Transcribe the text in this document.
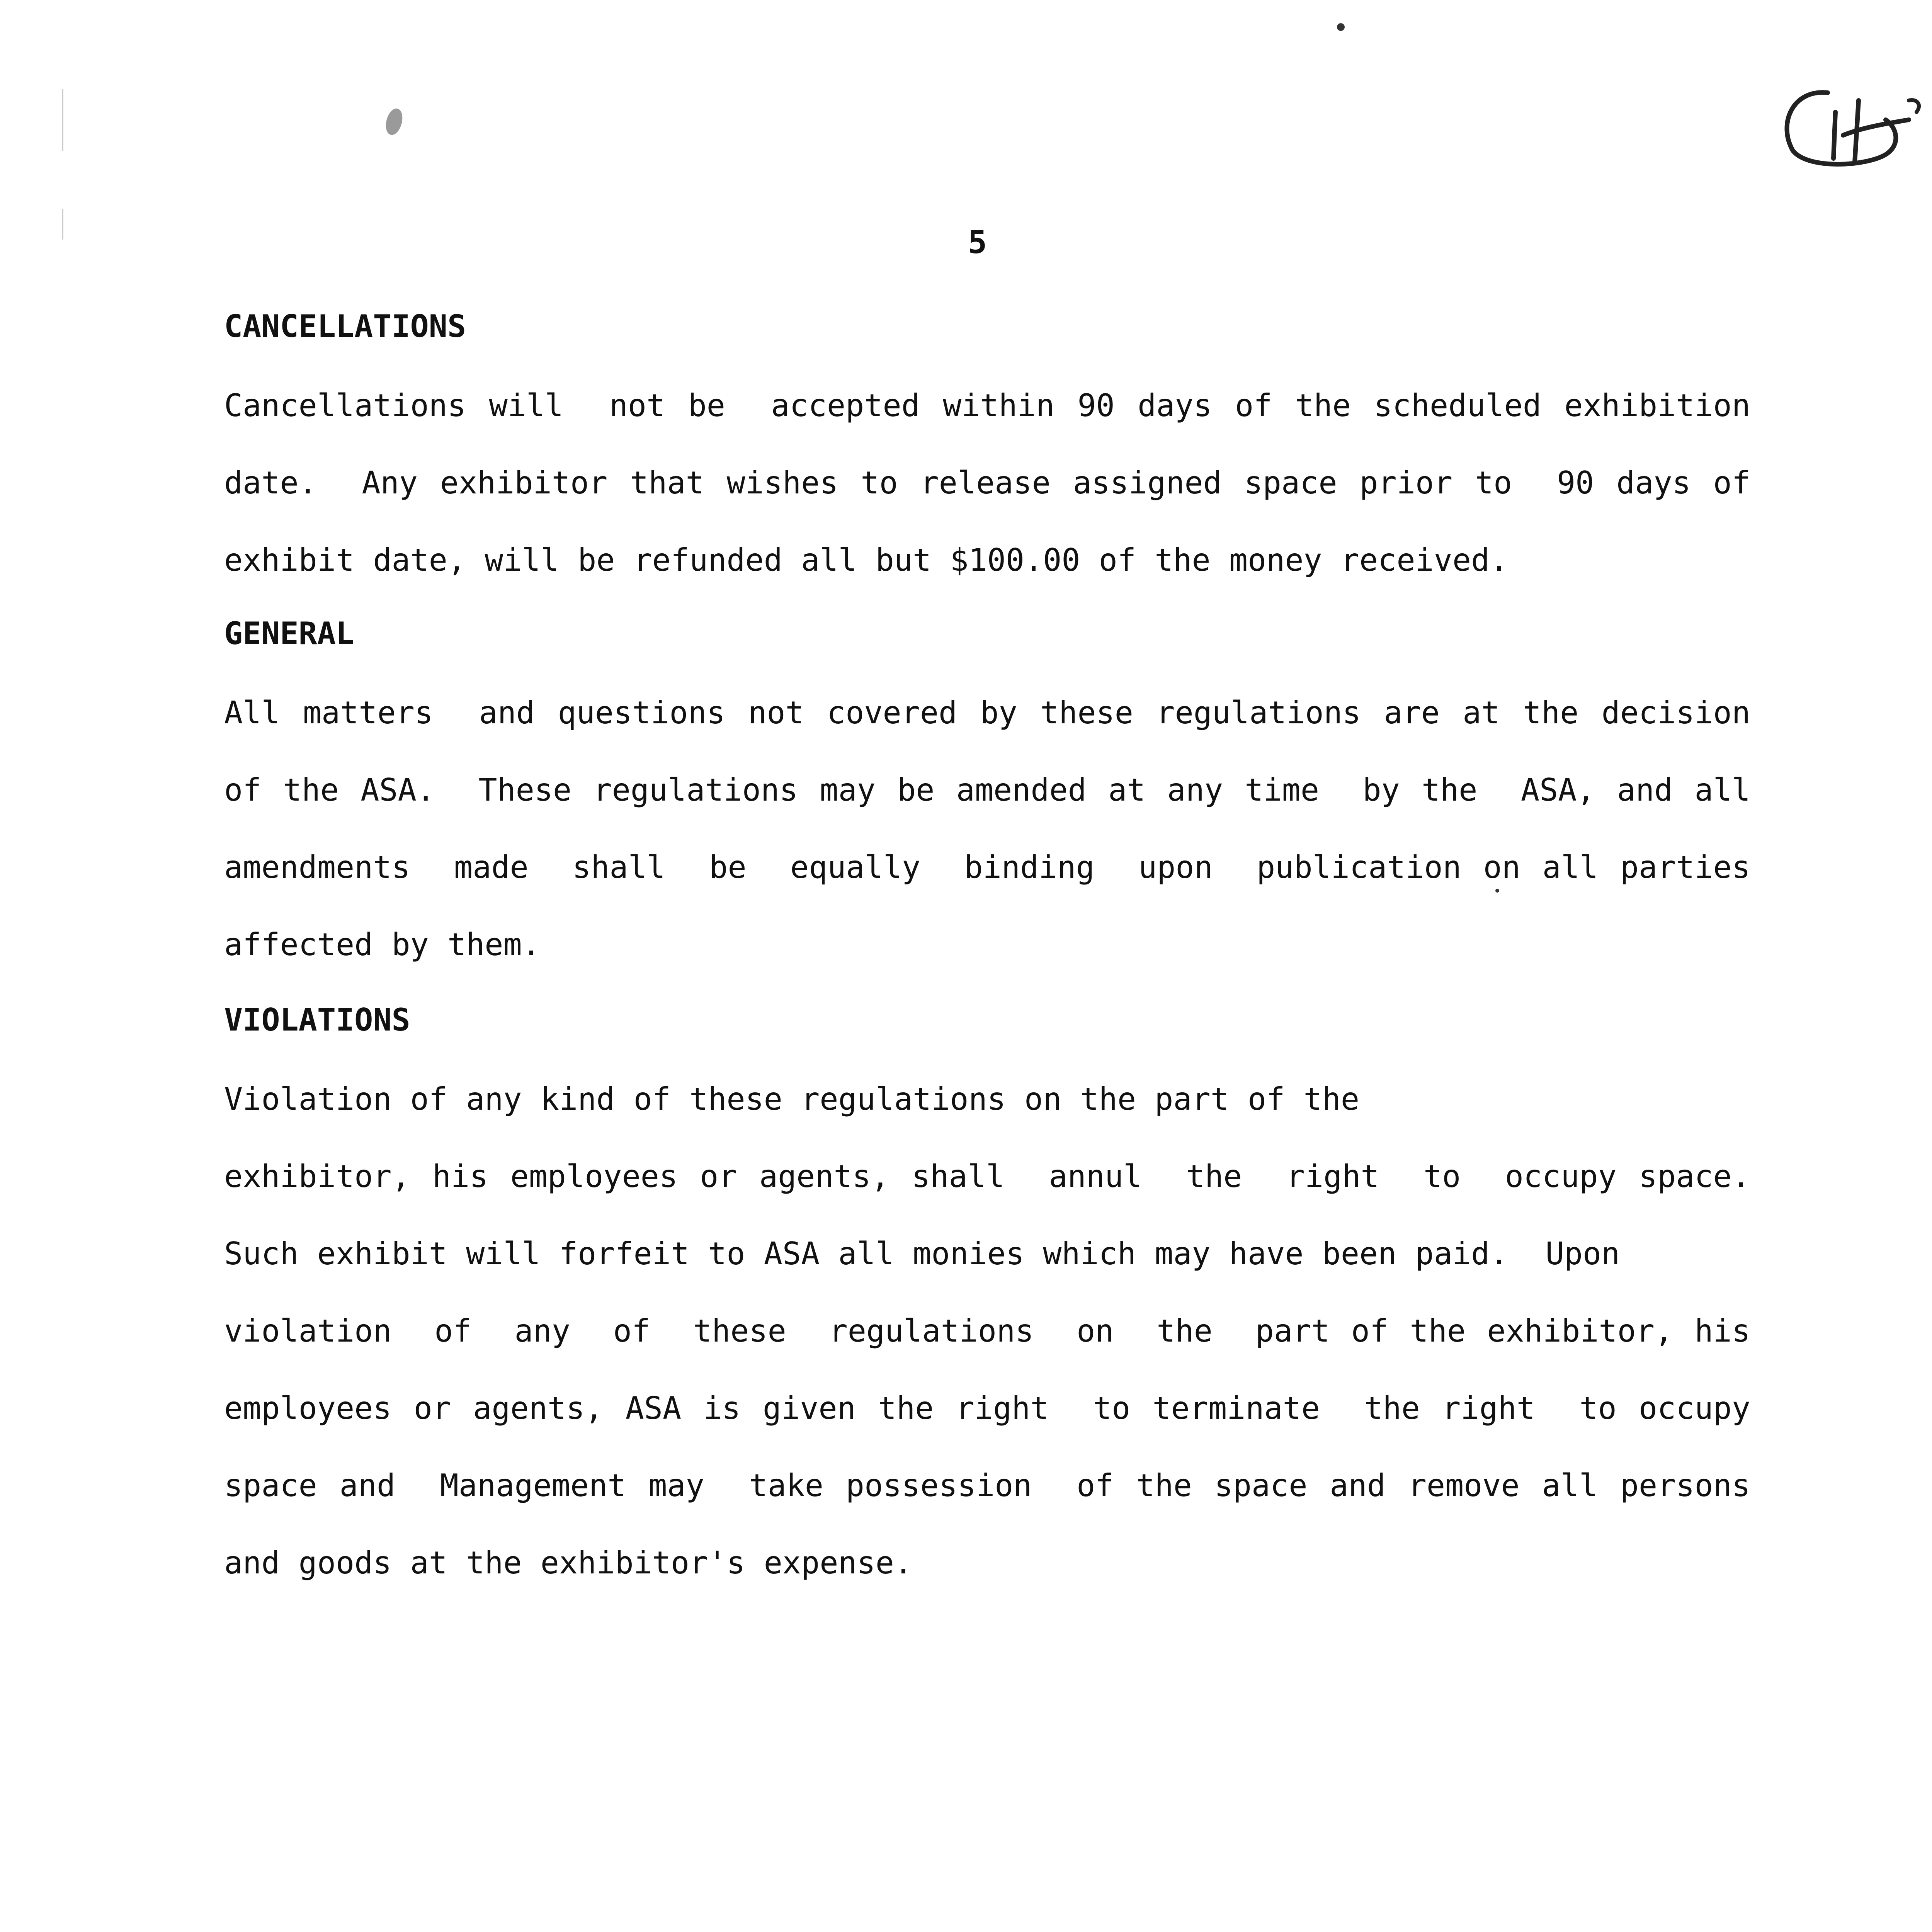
5
CANCELLATIONS
Cancellations will  not be  accepted within 90 days of the scheduled exhibition
date.  Any exhibitor that wishes to release assigned space prior to  90 days of
exhibit date, will be refunded all but $100.00 of the money received.
GENERAL
All matters  and questions not covered by these regulations are at the decision
of the ASA.  These regulations may be amended at any time  by the  ASA, and all
amendments  made  shall  be  equally  binding  upon  publication on all parties
affected by them.
VIOLATIONS
Violation of any kind of these regulations on the part of the
exhibitor, his employees or agents, shall  annul  the  right  to  occupy space.
Such exhibit will forfeit to ASA all monies which may have been paid.  Upon
violation  of  any  of  these  regulations  on  the  part of the exhibitor, his
employees or agents, ASA is given the right  to terminate  the right  to occupy
space and  Management may  take possession  of the space and remove all persons
and goods at the exhibitor's expense.
